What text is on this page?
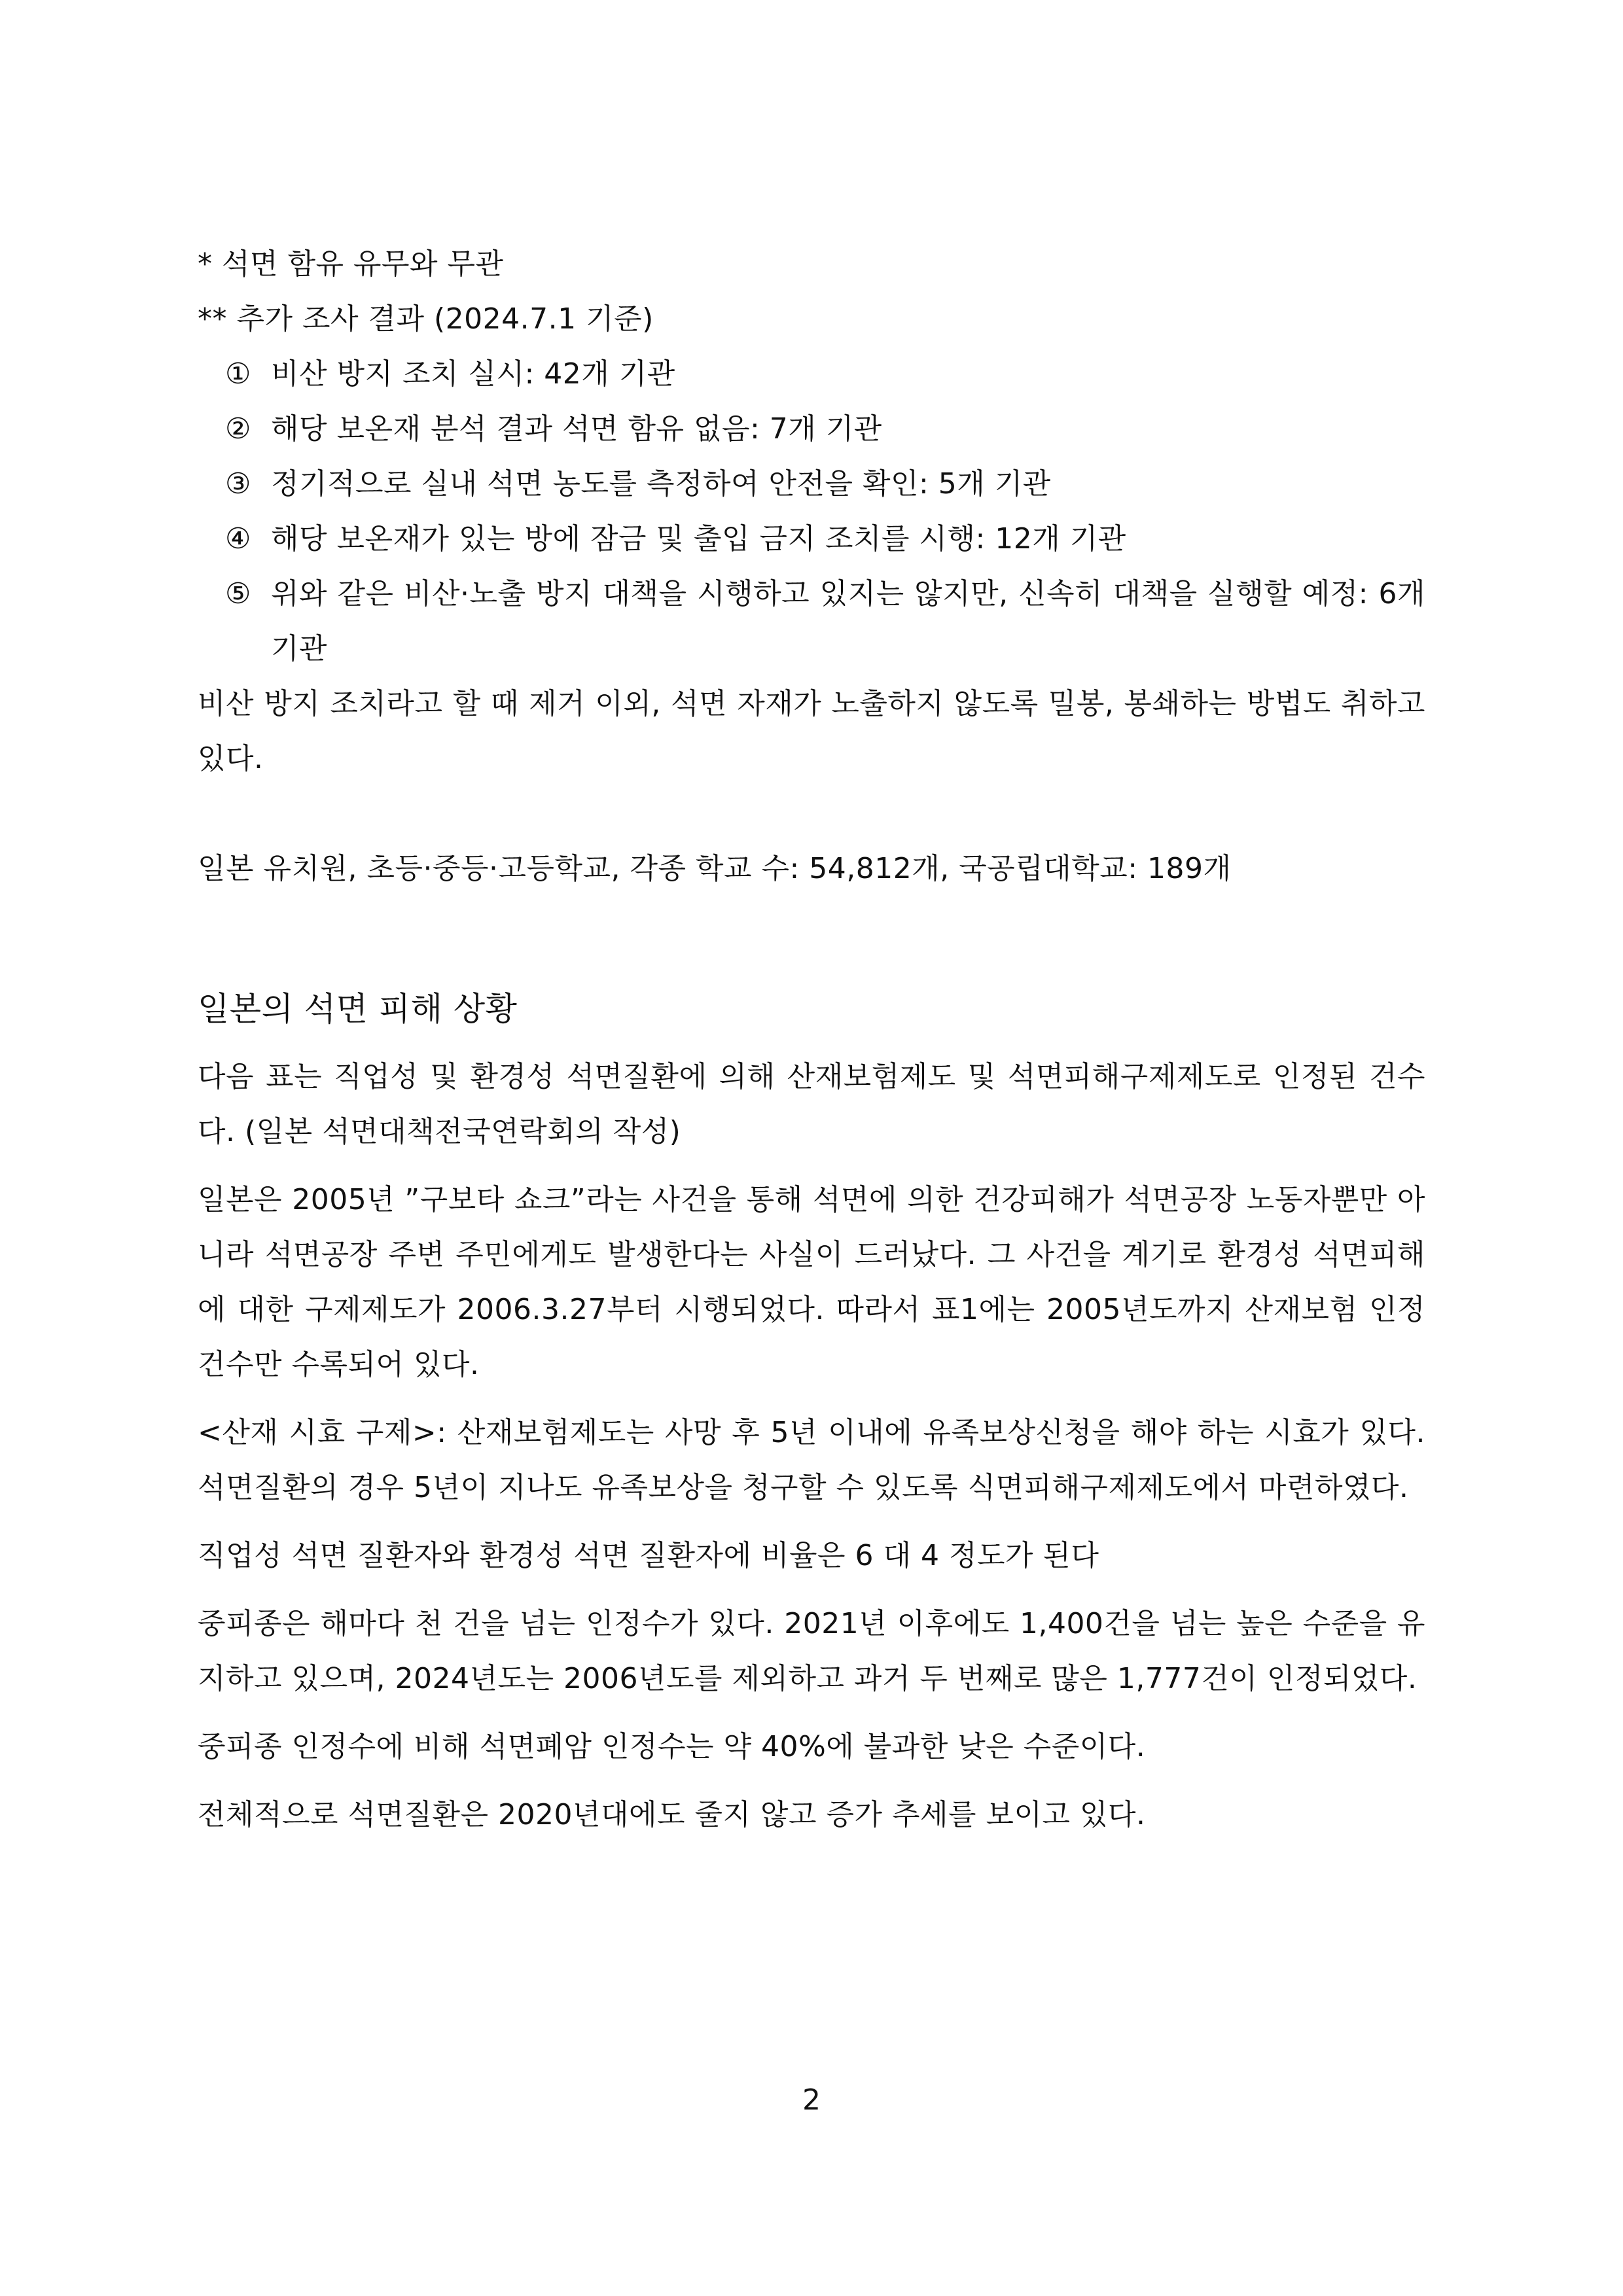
* 석면 함유 유무와 무관

** 추가 조사 결과 (2024.7.1 기준)

① 비산 방지 조치 실시: 42개 기관
② 해당 보온재 분석 결과 석면 함유 없음: 7개 기관
③ 정기적으로 실내 석면 농도를 측정하여 안전을 확인: 5개 기관
④ 해당 보온재가 있는 방에 잠금 및 출입 금지 조치를 시행: 12개 기관
⑤ 위와 같은 비산·노출 방지 대책을 시행하고 있지는 않지만, 신속히 대책을 실행할 예정: 6개 기관

비산 방지 조치라고 할 때 제거 이외, 석면 자재가 노출하지 않도록 밀봉, 봉쇄하는 방법도 취하고 있다.

일본 유치원, 초등·중등·고등학교, 각종 학교 수: 54,812개, 국공립대학교: 189개

일본의 석면 피해 상황

다음 표는 직업성 및 환경성 석면질환에 의해 산재보험제도 및 석면피해구제제도로 인정된 건수다. (일본 석면대책전국연락회의 작성)

일본은 2005년 ”구보타 쇼크”라는 사건을 통해 석면에 의한 건강피해가 석면공장 노동자뿐만 아니라 석면공장 주변 주민에게도 발생한다는 사실이 드러났다. 그 사건을 계기로 환경성 석면피해에 대한 구제제도가 2006.3.27부터 시행되었다. 따라서 표1에는 2005년도까지 산재보험 인정 건수만 수록되어 있다.

<산재 시효 구제>: 산재보험제도는 사망 후 5년 이내에 유족보상신청을 해야 하는 시효가 있다. 석면질환의 경우 5년이 지나도 유족보상을 청구할 수 있도록 식면피해구제제도에서 마련하였다.

직업성 석면 질환자와 환경성 석면 질환자에 비율은 6 대 4 정도가 된다

중피종은 해마다 천 건을 넘는 인정수가 있다. 2021년 이후에도 1,400건을 넘는 높은 수준을 유지하고 있으며, 2024년도는 2006년도를 제외하고 과거 두 번째로 많은 1,777건이 인정되었다.

중피종 인정수에 비해 석면폐암 인정수는 약 40%에 불과한 낮은 수준이다.

전체적으로 석면질환은 2020년대에도 줄지 않고 증가 추세를 보이고 있다.

2
